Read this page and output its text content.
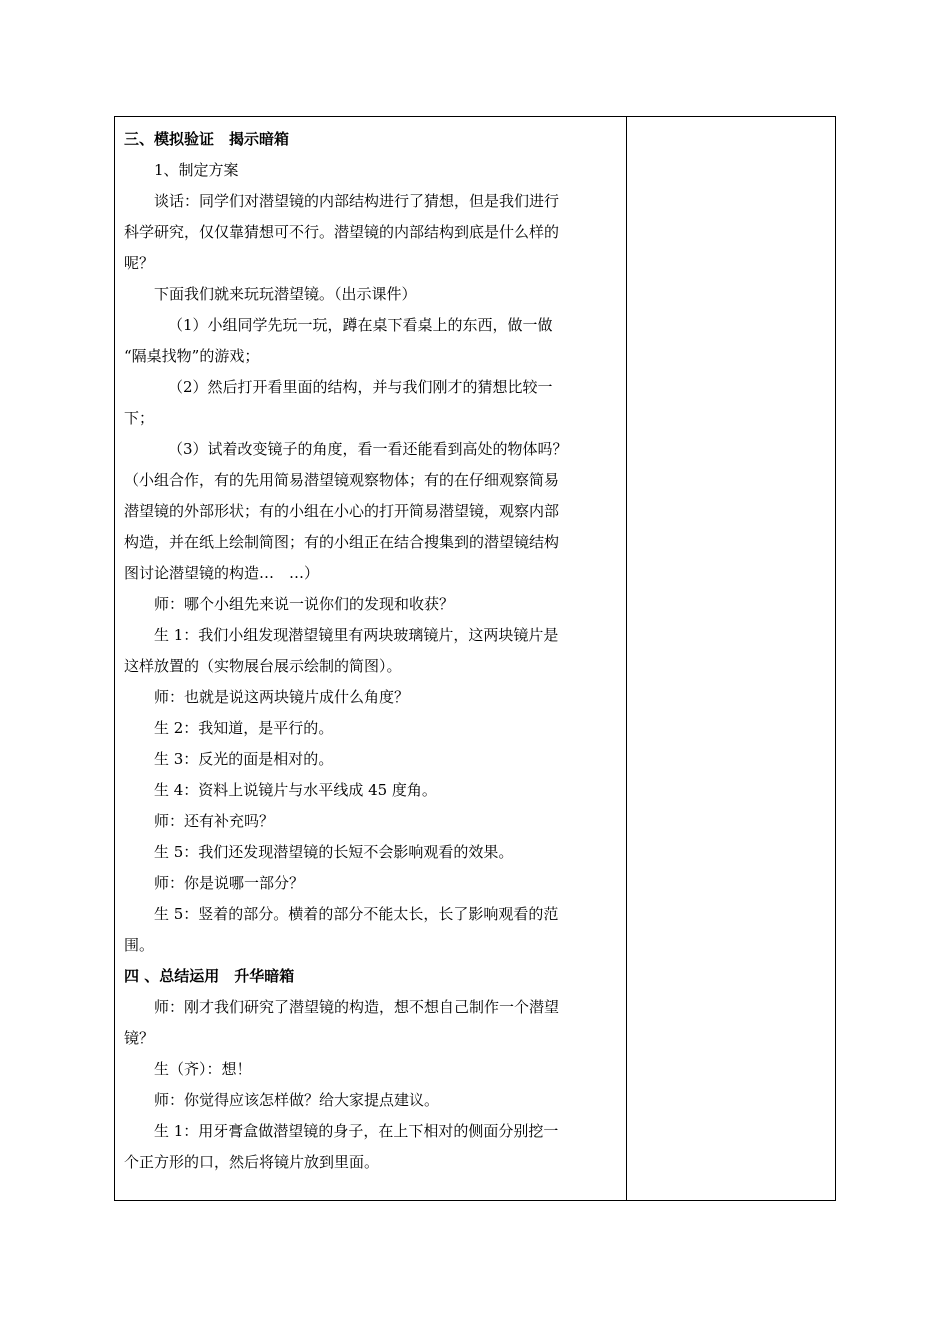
三、模拟验证　揭示暗箱
1、制定方案
谈话：同学们对潜望镜的内部结构进行了猜想，但是我们进行
科学研究，仅仅靠猜想可不行。潜望镜的内部结构到底是什么样的
呢？
下面我们就来玩玩潜望镜。（出示课件）
（1）小组同学先玩一玩，蹲在桌下看桌上的东西，做一做
“隔桌找物”的游戏；
（2）然后打开看里面的结构，并与我们刚才的猜想比较一
下；
（3）试着改变镜子的角度，看一看还能看到高处的物体吗？
（小组合作，有的先用简易潜望镜观察物体；有的在仔细观察简易
潜望镜的外部形状；有的小组在小心的打开简易潜望镜，观察内部
构造，并在纸上绘制简图；有的小组正在结合搜集到的潜望镜结构
图讨论潜望镜的构造…　…）
师：哪个小组先来说一说你们的发现和收获？
生 1：我们小组发现潜望镜里有两块玻璃镜片，这两块镜片是
这样放置的（实物展台展示绘制的简图）。
师：也就是说这两块镜片成什么角度？
生 2：我知道，是平行的。
生 3：反光的面是相对的。
生 4：资料上说镜片与水平线成 45 度角。
师：还有补充吗？
生 5：我们还发现潜望镜的长短不会影响观看的效果。
师：你是说哪一部分？
生 5：竖着的部分。横着的部分不能太长，长了影响观看的范
围。
四 、总结运用　升华暗箱
师：刚才我们研究了潜望镜的构造，想不想自己制作一个潜望
镜？
生（齐）：想！
师：你觉得应该怎样做？给大家提点建议。
生 1：用牙膏盒做潜望镜的身子，在上下相对的侧面分别挖一
个正方形的口，然后将镜片放到里面。
